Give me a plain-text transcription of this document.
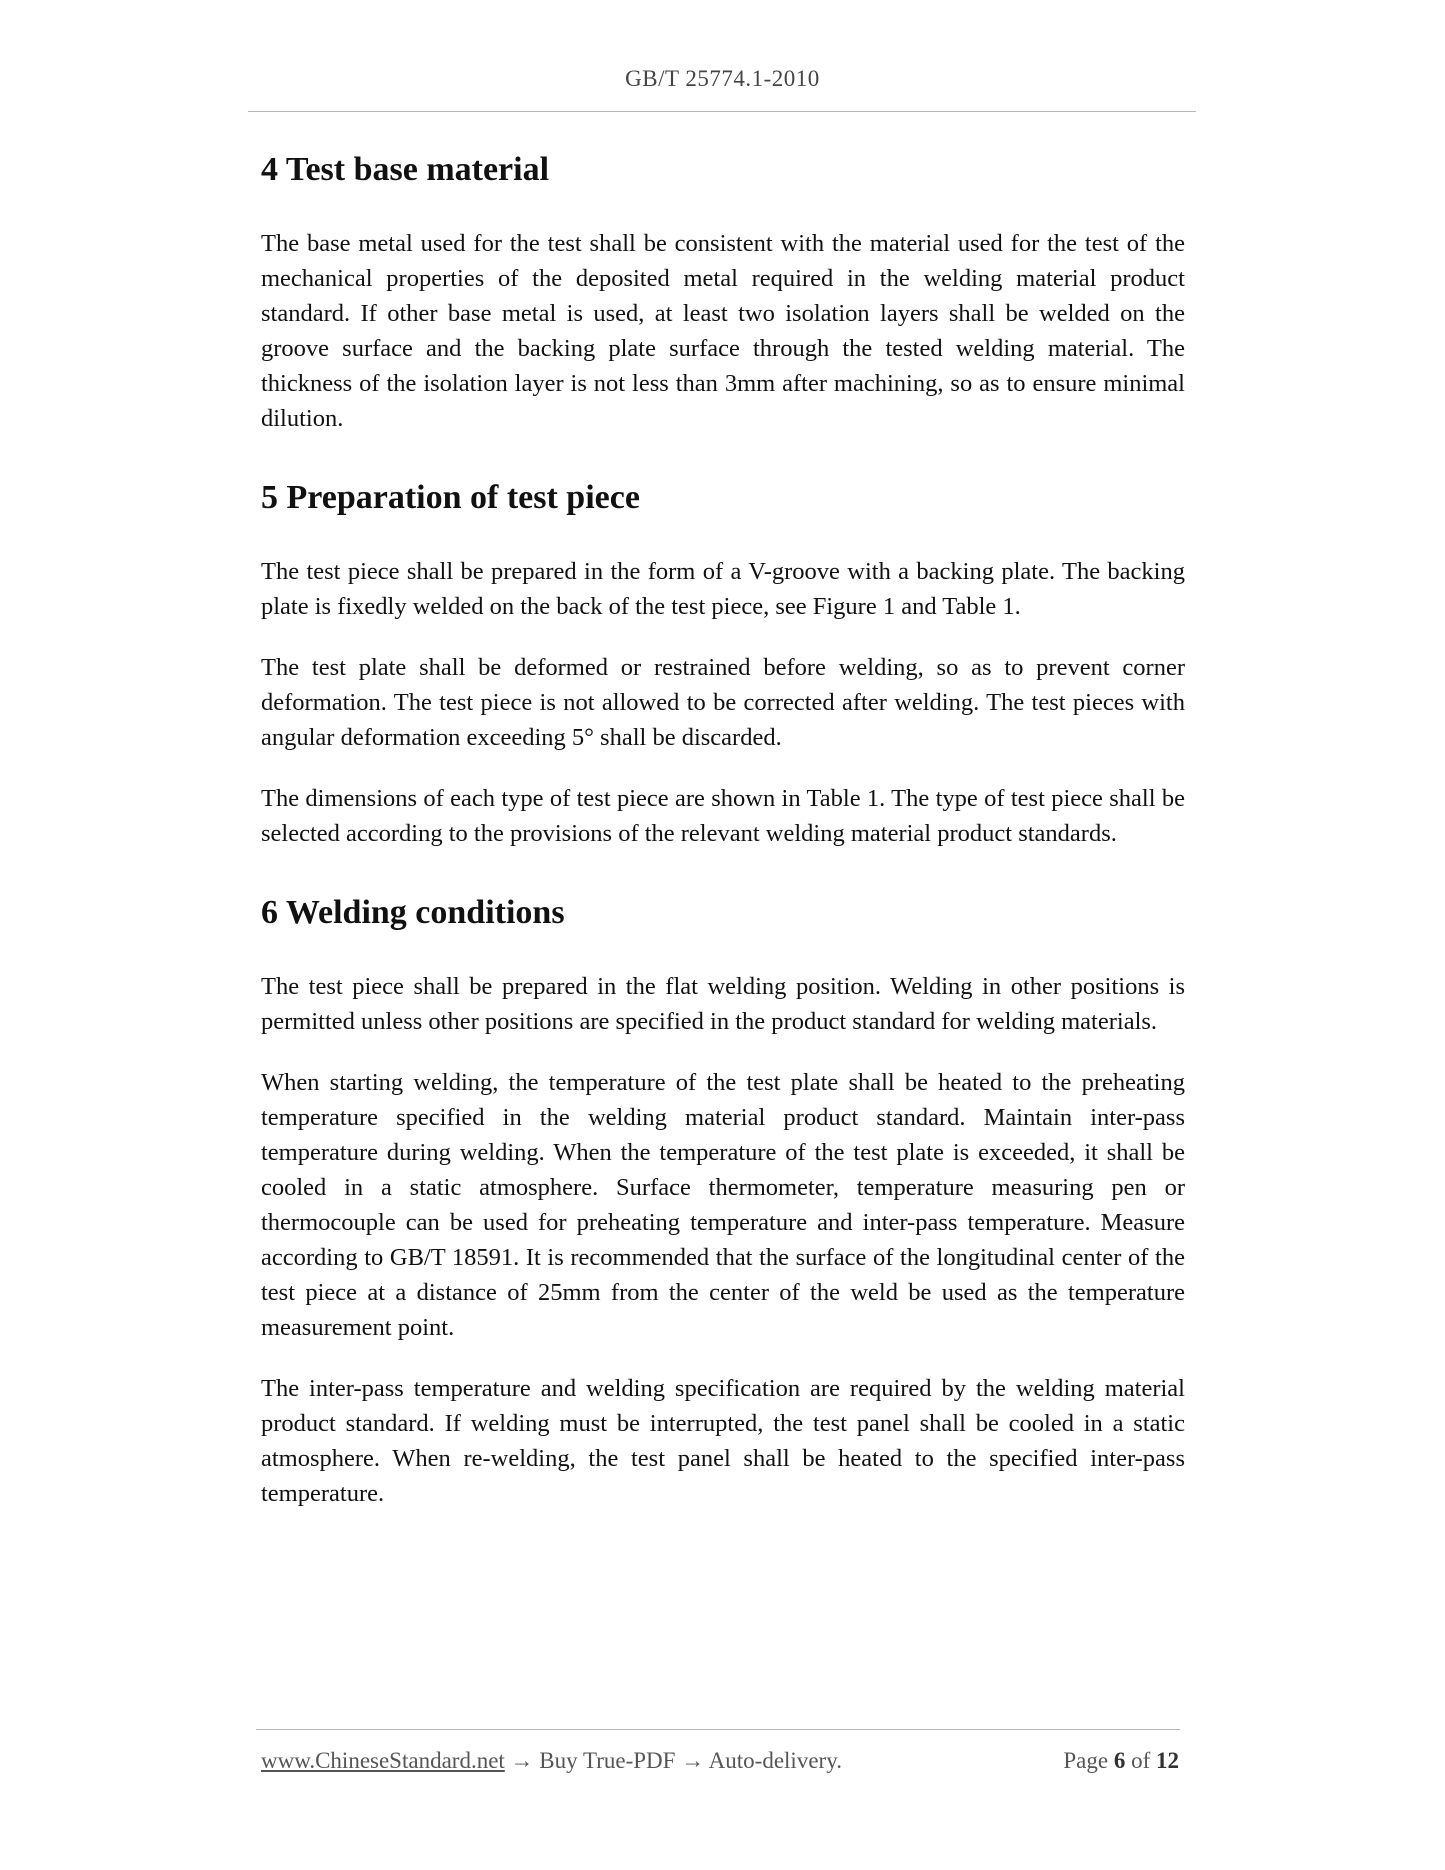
GB/T 25774.1-2010
4 Test base material

The base metal used for the test shall be consistent with the material used for the test of the mechanical properties of the deposited metal required in the welding material product standard. If other base metal is used, at least two isolation layers shall be welded on the groove surface and the backing plate surface through the tested welding material. The thickness of the isolation layer is not less than 3mm after machining, so as to ensure minimal dilution.

5 Preparation of test piece

The test piece shall be prepared in the form of a V-groove with a backing plate. The backing plate is fixedly welded on the back of the test piece, see Figure 1 and Table 1.

The test plate shall be deformed or restrained before welding, so as to prevent corner deformation. The test piece is not allowed to be corrected after welding. The test pieces with angular deformation exceeding 5° shall be discarded.

The dimensions of each type of test piece are shown in Table 1. The type of test piece shall be selected according to the provisions of the relevant welding material product standards.

6 Welding conditions

The test piece shall be prepared in the flat welding position. Welding in other positions is permitted unless other positions are specified in the product standard for welding materials.

When starting welding, the temperature of the test plate shall be heated to the preheating temperature specified in the welding material product standard. Maintain inter-pass temperature during welding. When the temperature of the test plate is exceeded, it shall be cooled in a static atmosphere. Surface thermometer, temperature measuring pen or thermocouple can be used for preheating temperature and inter-pass temperature. Measure according to GB/T 18591. It is recommended that the surface of the longitudinal center of the test piece at a distance of 25mm from the center of the weld be used as the temperature measurement point.

The inter-pass temperature and welding specification are required by the welding material product standard. If welding must be interrupted, the test panel shall be cooled in a static atmosphere. When re-welding, the test panel shall be heated to the specified inter-pass temperature.

www.ChineseStandard.net → Buy True-PDF → Auto-delivery.	Page 6 of 12
